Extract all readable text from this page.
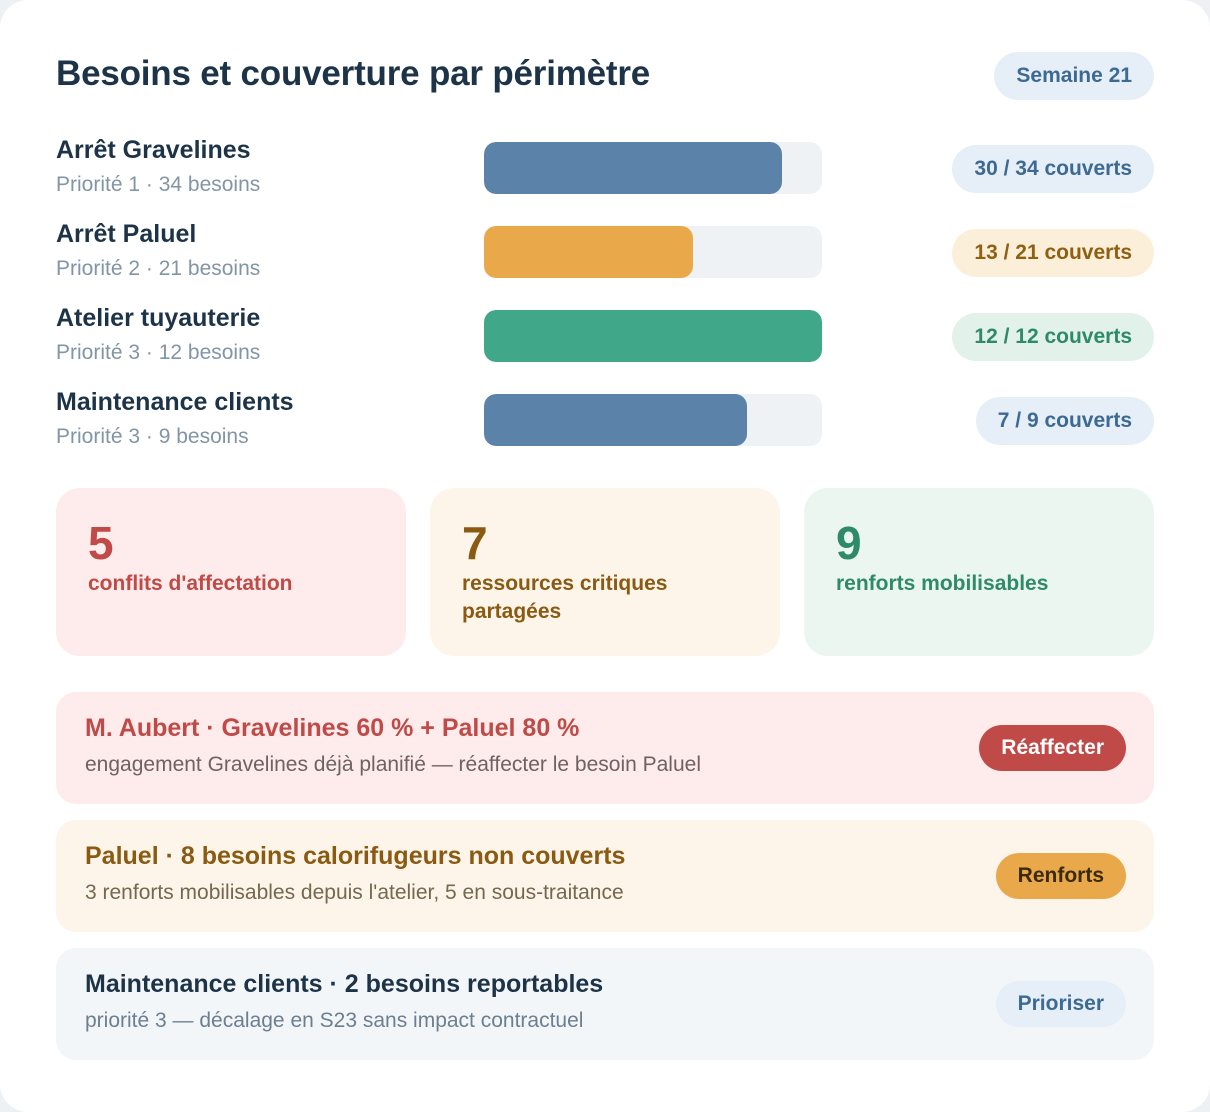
Besoins et couverture par périmètre	Semaine 21
Arrêt Gravelines
Priorité 1 · 34 besoins
30 / 34 couverts
Arrêt Paluel
Priorité 2 · 21 besoins
13 / 21 couverts
Atelier tuyauterie
Priorité 3 · 12 besoins
12 / 12 couverts
Maintenance clients
Priorité 3 · 9 besoins
7 / 9 couverts
5
conflits d'affectation
7
ressources critiques partagées
9
renforts mobilisables
M. Aubert · Gravelines 60 % + Paluel 80 %
engagement Gravelines déjà planifié — réaffecter le besoin Paluel
Réaffecter
Paluel · 8 besoins calorifugeurs non couverts
3 renforts mobilisables depuis l'atelier, 5 en sous-traitance
Renforts
Maintenance clients · 2 besoins reportables
priorité 3 — décalage en S23 sans impact contractuel
Prioriser
